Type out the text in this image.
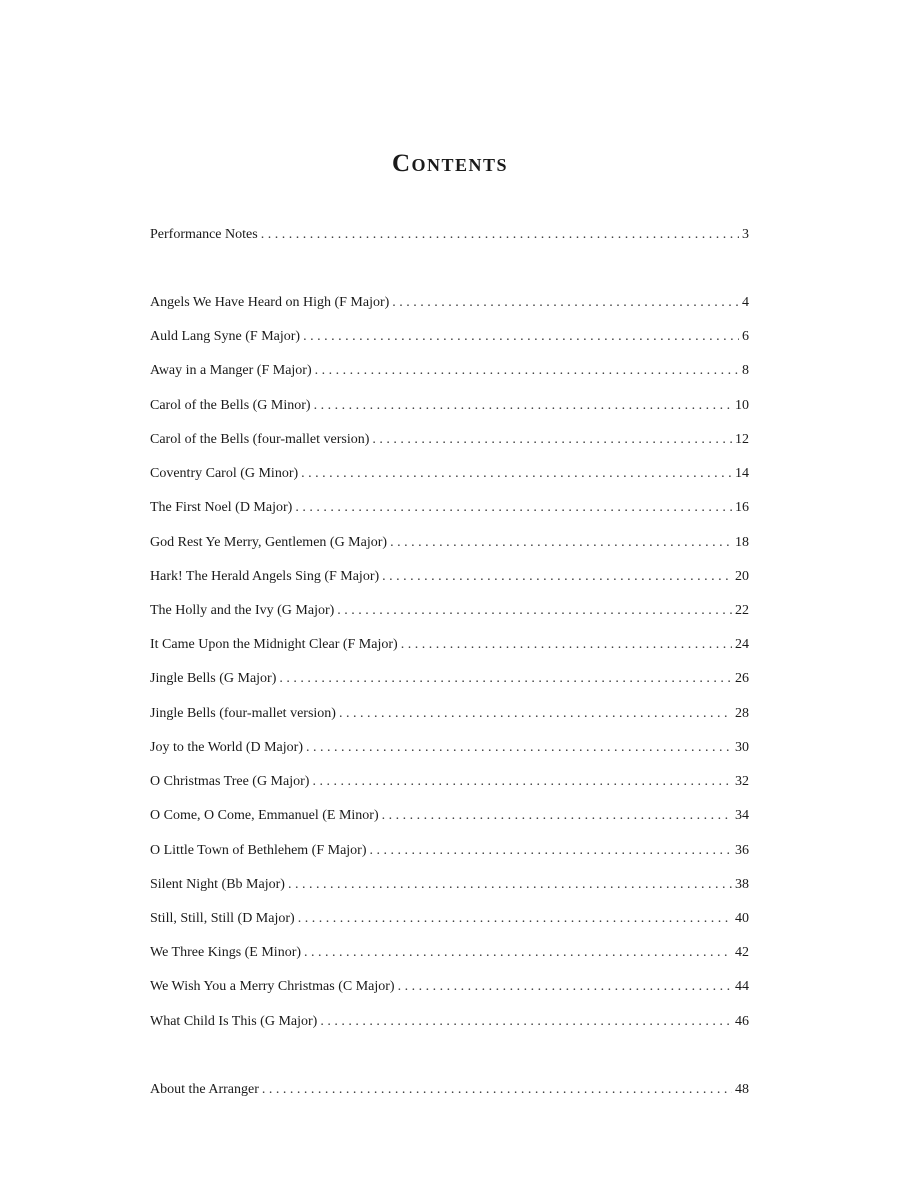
Contents
Performance Notes . . .	3
Angels We Have Heard on High (F Major) . . .	4
Auld Lang Syne (F Major) . . .	6
Away in a Manger (F Major) . . .	8
Carol of the Bells (G Minor) . . .	10
Carol of the Bells (four-mallet version) . . .	12
Coventry Carol (G Minor) . . .	14
The First Noel (D Major) . . .	16
God Rest Ye Merry, Gentlemen (G Major) . . .	18
Hark! The Herald Angels Sing (F Major) . . .	20
The Holly and the Ivy (G Major) . . .	22
It Came Upon the Midnight Clear (F Major) . . .	24
Jingle Bells (G Major) . . .	26
Jingle Bells (four-mallet version) . . .	28
Joy to the World (D Major) . . .	30
O Christmas Tree (G Major) . . .	32
O Come, O Come, Emmanuel (E Minor) . . .	34
O Little Town of Bethlehem (F Major) . . .	36
Silent Night (Bb Major) . . .	38
Still, Still, Still (D Major) . . .	40
We Three Kings (E Minor) . . .	42
We Wish You a Merry Christmas (C Major) . . .	44
What Child Is This (G Major) . . .	46
About the Arranger . . .	48
